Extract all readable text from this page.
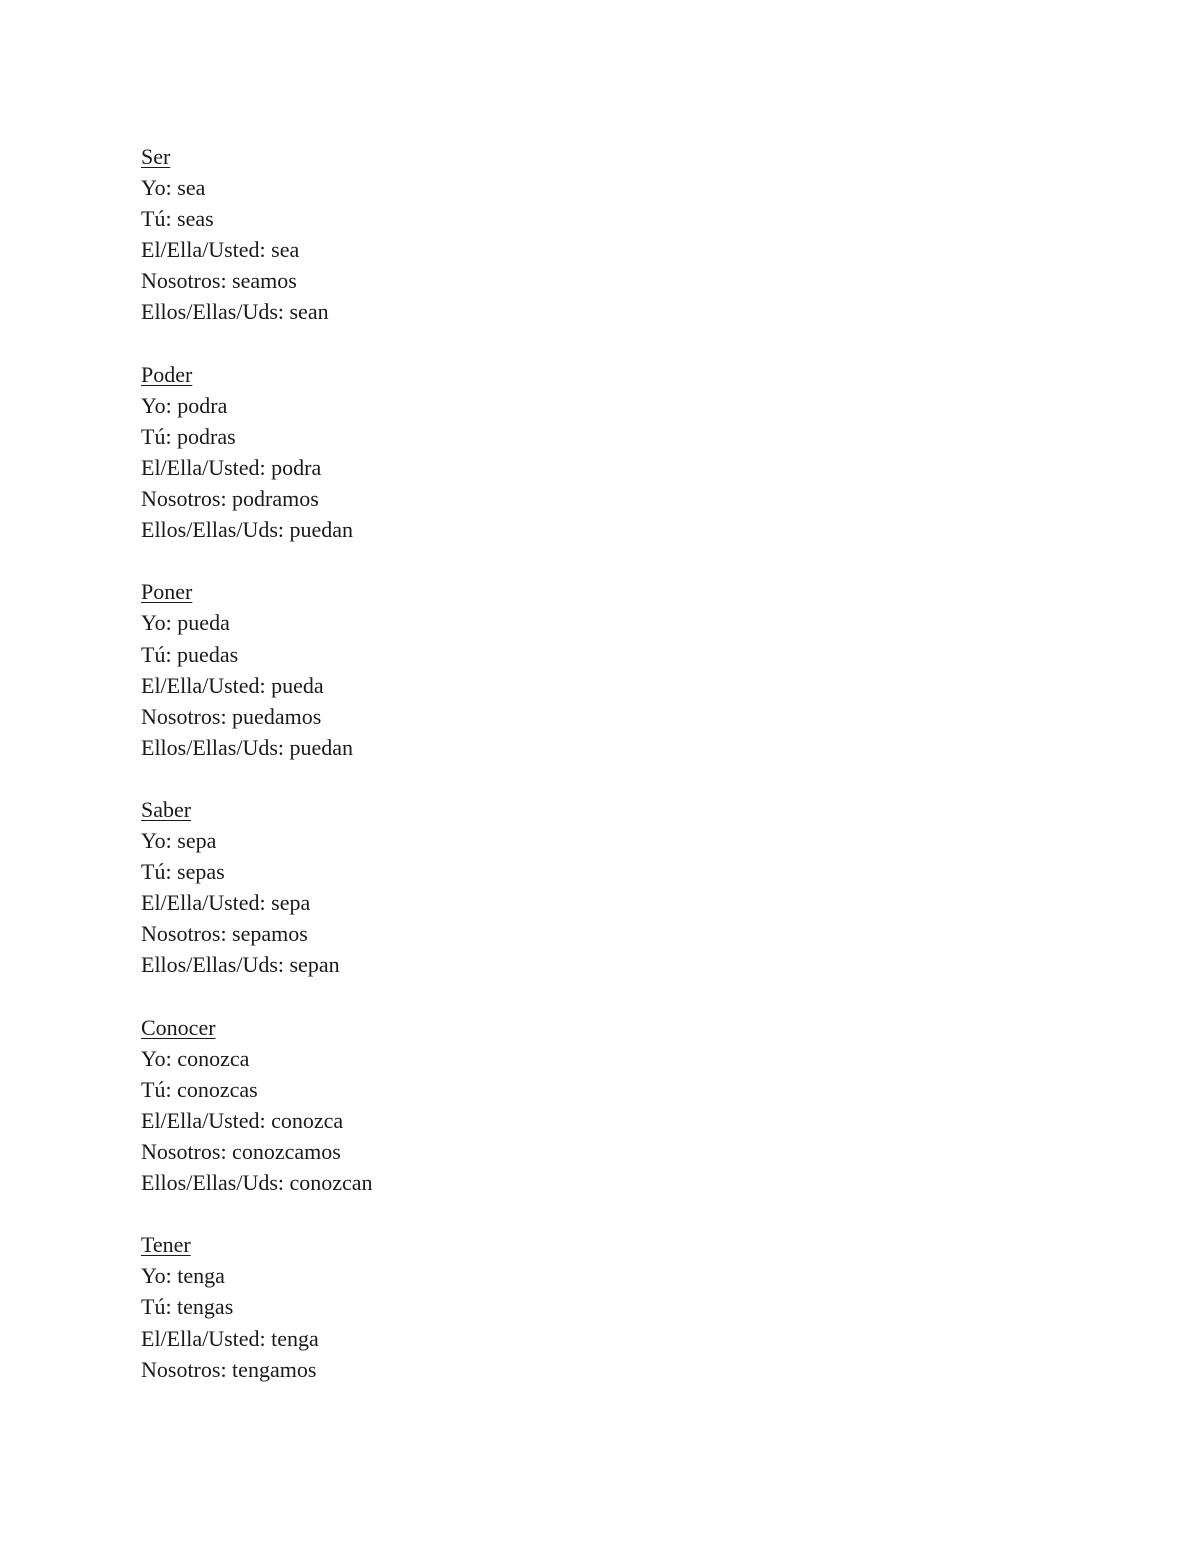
Ser
Yo: sea
Tú: seas
El/Ella/Usted: sea
Nosotros: seamos
Ellos/Ellas/Uds: sean
Poder
Yo: podra
Tú: podras
El/Ella/Usted: podra
Nosotros: podramos
Ellos/Ellas/Uds: puedan
Poner
Yo: pueda
Tú: puedas
El/Ella/Usted: pueda
Nosotros: puedamos
Ellos/Ellas/Uds: puedan
Saber
Yo: sepa
Tú: sepas
El/Ella/Usted: sepa
Nosotros: sepamos
Ellos/Ellas/Uds: sepan
Conocer
Yo: conozca
Tú: conozcas
El/Ella/Usted: conozca
Nosotros: conozcamos
Ellos/Ellas/Uds: conozcan
Tener
Yo: tenga
Tú: tengas
El/Ella/Usted: tenga
Nosotros: tengamos
